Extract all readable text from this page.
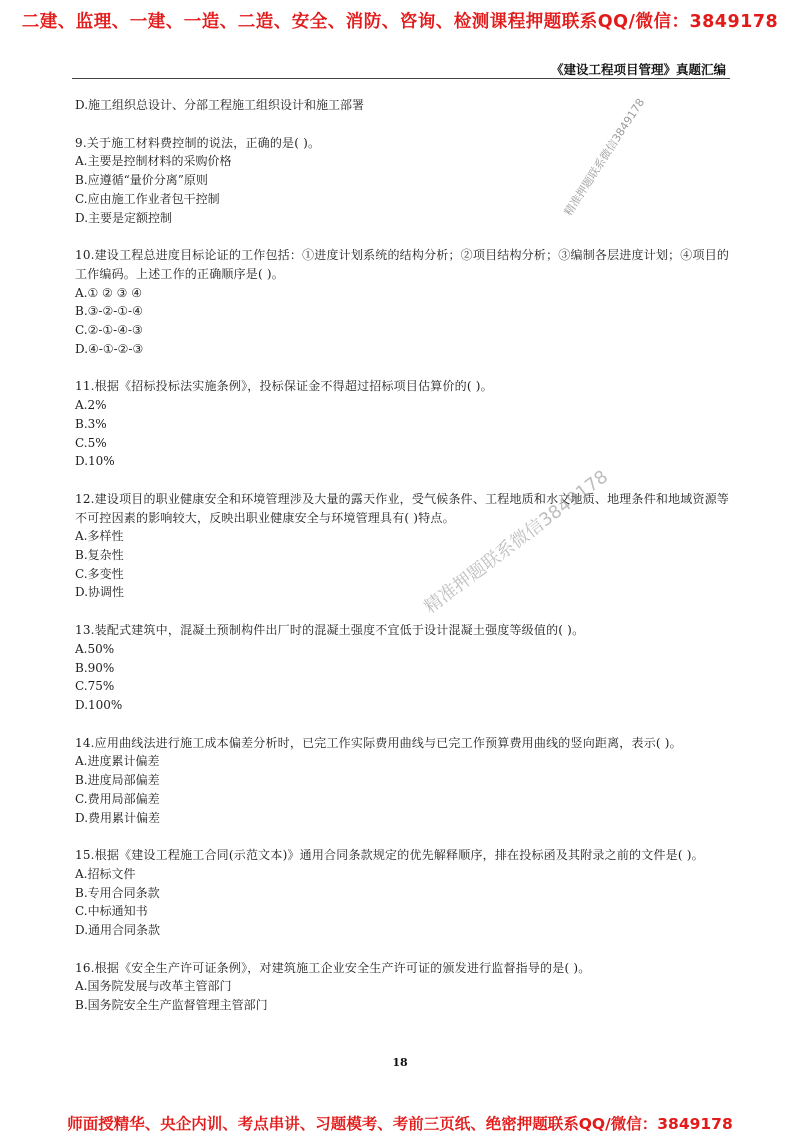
二建、监理、一建、一造、二造、安全、消防、咨询、检测课程押题联系QQ/微信：3849178
《建设工程项目管理》真题汇编
D.施工组织总设计、分部工程施工组织设计和施工部署
9.关于施工材料费控制的说法，正确的是( )。
A.主要是控制材料的采购价格
B.应遵循“量价分离”原则
C.应由施工作业者包干控制
D.主要是定额控制
10.建设工程总进度目标论证的工作包括：①进度计划系统的结构分析；②项目结构分析；③编制各层进度计划；④项目的工作编码。上述工作的正确顺序是( )。
A.① ② ③ ④
B.③-②-①-④
C.②-①-④-③
D.④-①-②-③
11.根据《招标投标法实施条例》，投标保证金不得超过招标项目估算价的( )。
A.2%
B.3%
C.5%
D.10%
12.建设项目的职业健康安全和环境管理涉及大量的露天作业，受气候条件、工程地质和水文地质、地理条件和地域资源等不可控因素的影响较大，反映出职业健康安全与环境管理具有( )特点。
A.多样性
B.复杂性
C.多变性
D.协调性
13.装配式建筑中，混凝土预制构件出厂时的混凝土强度不宜低于设计混凝土强度等级值的( )。
A.50%
B.90%
C.75%
D.100%
14.应用曲线法进行施工成本偏差分析时，已完工作实际费用曲线与已完工作预算费用曲线的竖向距离，表示( )。
A.进度累计偏差
B.进度局部偏差
C.费用局部偏差
D.费用累计偏差
15.根据《建设工程施工合同(示范文本)》通用合同条款规定的优先解释顺序，排在投标函及其附录之前的文件是( )。
A.招标文件
B.专用合同条款
C.中标通知书
D.通用合同条款
16.根据《安全生产许可证条例》，对建筑施工企业安全生产许可证的颁发进行监督指导的是( )。
A.国务院发展与改革主管部门
B.国务院安全生产监督管理主管部门
精准押题联系微信3849178
精准押题联系微信3849178
18
师面授精华、央企内训、考点串讲、习题模考、考前三页纸、绝密押题联系QQ/微信：3849178
